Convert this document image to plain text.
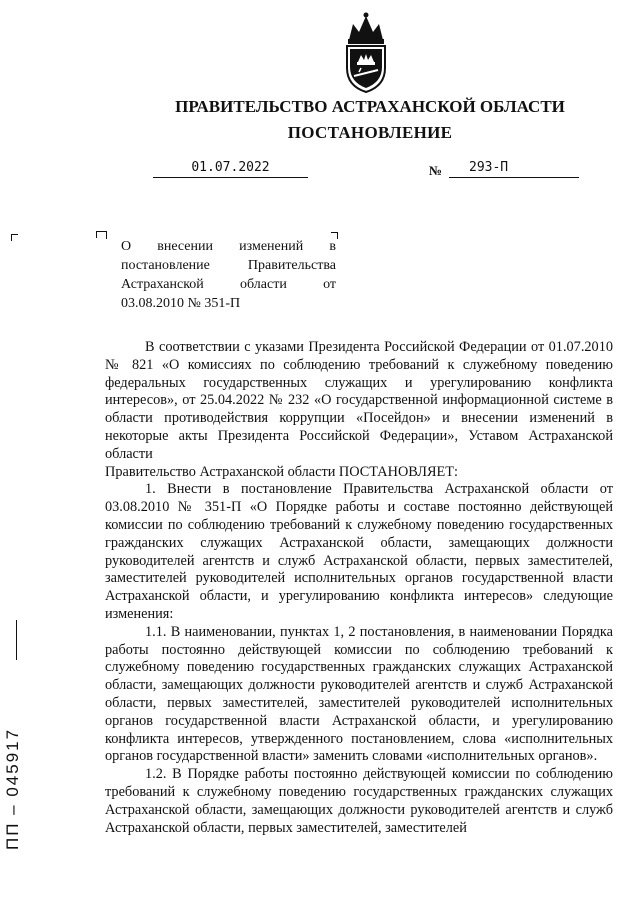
ПРАВИТЕЛЬСТВО АСТРАХАНСКОЙ ОБЛАСТИ
ПОСТАНОВЛЕНИЕ
01.07.2022	№	293-П
О внесении изменений в постановление Правительства Астраханской области от 03.08.2010 № 351-П

В соответствии с указами Президента Российской Федерации от 01.07.2010 № 821 «О комиссиях по соблюдению требований к служебному поведению федеральных государственных служащих и урегулированию конфликта интересов», от 25.04.2022 № 232 «О государственной информационной системе в области противодействия коррупции «Посейдон» и внесении изменений в некоторые акты Президента Российской Федерации», Уставом Астраханской области

Правительство Астраханской области ПОСТАНОВЛЯЕТ:

1. Внести в постановление Правительства Астраханской области от 03.08.2010 № 351-П «О Порядке работы и составе постоянно действующей комиссии по соблюдению требований к служебному поведению государственных гражданских служащих Астраханской области, замещающих должности руководителей агентств и служб Астраханской области, первых заместителей, заместителей руководителей исполнительных органов государственной власти Астраханской области, и урегулированию конфликта интересов» следующие изменения:

1.1. В наименовании, пунктах 1, 2 постановления, в наименовании Порядка работы постоянно действующей комиссии по соблюдению требований к служебному поведению государственных гражданских служащих Астраханской области, замещающих должности руководителей агентств и служб Астраханской области, первых заместителей, заместителей руководителей исполнительных органов государственной власти Астраханской области, и урегулированию конфликта интересов, утвержденного постановлением, слова «исполнительных органов государственной власти» заменить словами «исполнительных органов».

1.2. В Порядке работы постоянно действующей комиссии по соблюдению требований к служебному поведению государственных гражданских служащих Астраханской области, замещающих должности руководителей агентств и служб Астраханской области, первых заместителей, заместителей

ПП – 045917
